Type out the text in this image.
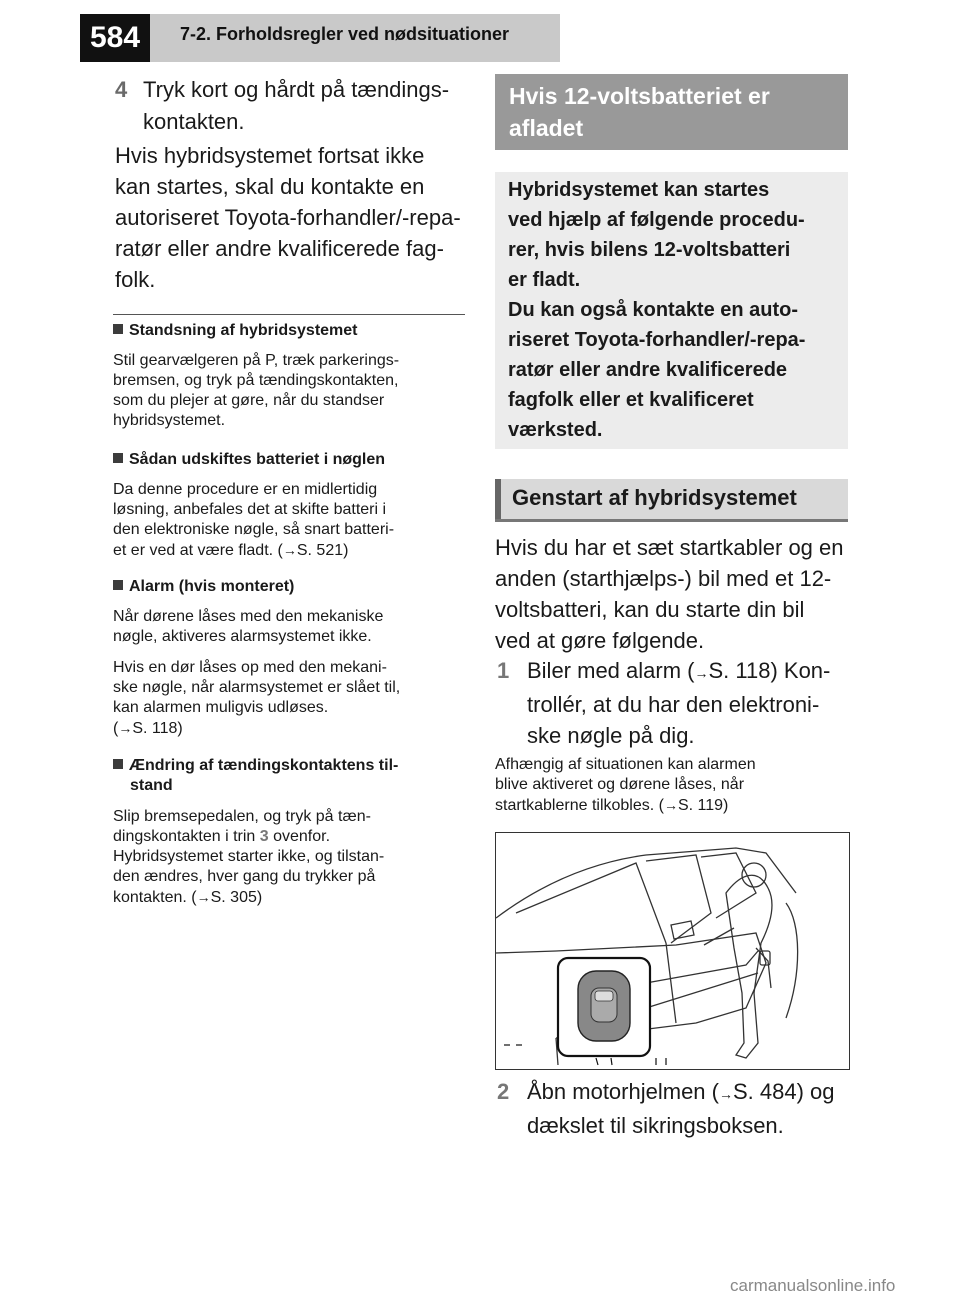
584	7-2. Forholdsregler ved nødsituationer
4 Tryk kort og hårdt på tændings-
kontakten.
Hvis hybridsystemet fortsat ikke
kan startes, skal du kontakte en
autoriseret Toyota-forhandler/-repa-
ratør eller andre kvalificerede fag-
folk.
Standsning af hybridsystemet
Stil gearvælgeren på P, træk parkerings-
bremsen, og tryk på tændingskontakten,
som du plejer at gøre, når du standser
hybridsystemet.
Sådan udskiftes batteriet i nøglen
Da denne procedure er en midlertidig
løsning, anbefales det at skifte batteri i
den elektroniske nøgle, så snart batteri-
et er ved at være fladt. (→S. 521)
Alarm (hvis monteret)
Når dørene låses med den mekaniske
nøgle, aktiveres alarmsystemet ikke.
Hvis en dør låses op med den mekani-
ske nøgle, når alarmsystemet er slået til,
kan alarmen muligvis udløses.
(→S. 118)
Ændring af tændingskontaktens til-
stand
Slip bremsepedalen, og tryk på tæn-
dingskontakten i trin 3 ovenfor.
Hybridsystemet starter ikke, og tilstan-
den ændres, hver gang du trykker på
kontakten. (→S. 305)
Hvis 12-voltsbatteriet er
afladet
Hybridsystemet kan startes
ved hjælp af følgende procedu-
rer, hvis bilens 12-voltsbatteri
er fladt.
Du kan også kontakte en auto-
riseret Toyota-forhandler/-repa-
ratør eller andre kvalificerede
fagfolk eller et kvalificeret
værksted.
Genstart af hybridsystemet
Hvis du har et sæt startkabler og en
anden (starthjælps-) bil med et 12-
voltsbatteri, kan du starte din bil
ved at gøre følgende.
1 Biler med alarm (→S. 118) Kon-
trollér, at du har den elektroni-
ske nøgle på dig.
Afhængig af situationen kan alarmen
blive aktiveret og dørene låses, når
startkablerne tilkobles. (→S. 119)
2 Åbn motorhjelmen (→S. 484) og
dækslet til sikringsboksen.
carmanualsonline.info
